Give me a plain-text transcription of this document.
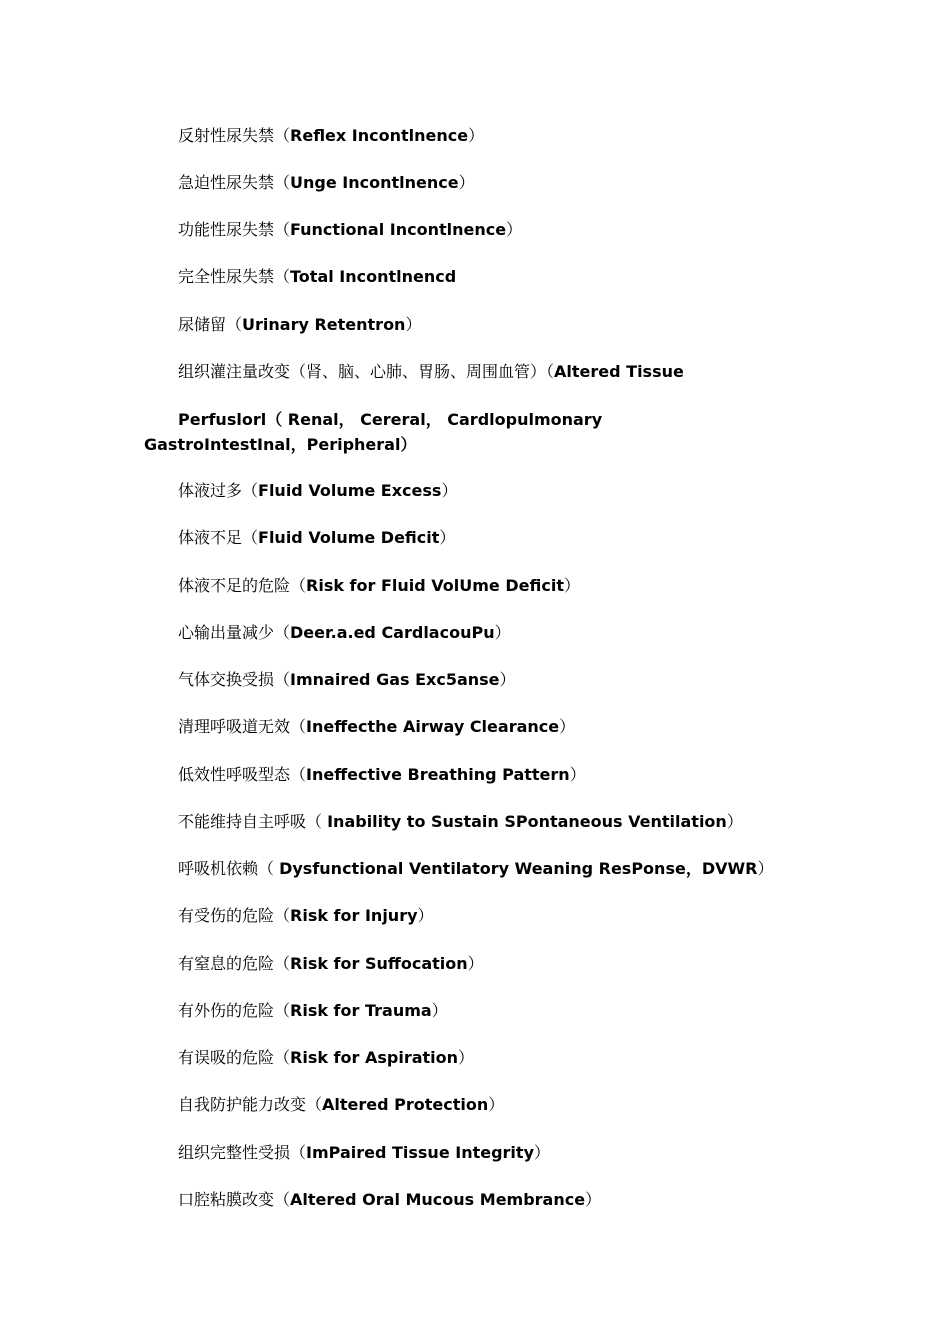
反射性尿失禁（Reflex Incontlnence）
急迫性尿失禁（Unge Incontlnence）
功能性尿失禁（Functional Incontlnence）
完全性尿失禁（Total Incontlnencd
尿储留（Urinary Retentron）
组织灌注量改变（肾、脑、心肺、胃肠、周围血管）（Altered Tissue
Perfuslorl（ Renal， Cereral， Cardlopulmonary
GastroIntestInal，Peripheral）
体液过多（Fluid Volume Excess）
体液不足（Fluid Volume Deficit）
体液不足的危险（Risk for Fluid VolUme Deficit）
心输出量减少（Deer.a.ed CardlacouPu）
气体交换受损（Imnaired Gas Exc5anse）
清理呼吸道无效（Ineffecthe Airway Clearance）
低效性呼吸型态（Ineffective Breathing Pattern）
不能维持自主呼吸（ Inability to Sustain SPontaneous Ventilation）
呼吸机依赖（ Dysfunctional Ventilatory Weaning ResPonse，DVWR）
有受伤的危险（Risk for Injury）
有窒息的危险（Risk for Suffocation）
有外伤的危险（Risk for Trauma）
有误吸的危险（Risk for Aspiration）
自我防护能力改变（Altered Protection）
组织完整性受损（ImPaired Tissue Integrity）
口腔粘膜改变（Altered Oral Mucous Membrance）
